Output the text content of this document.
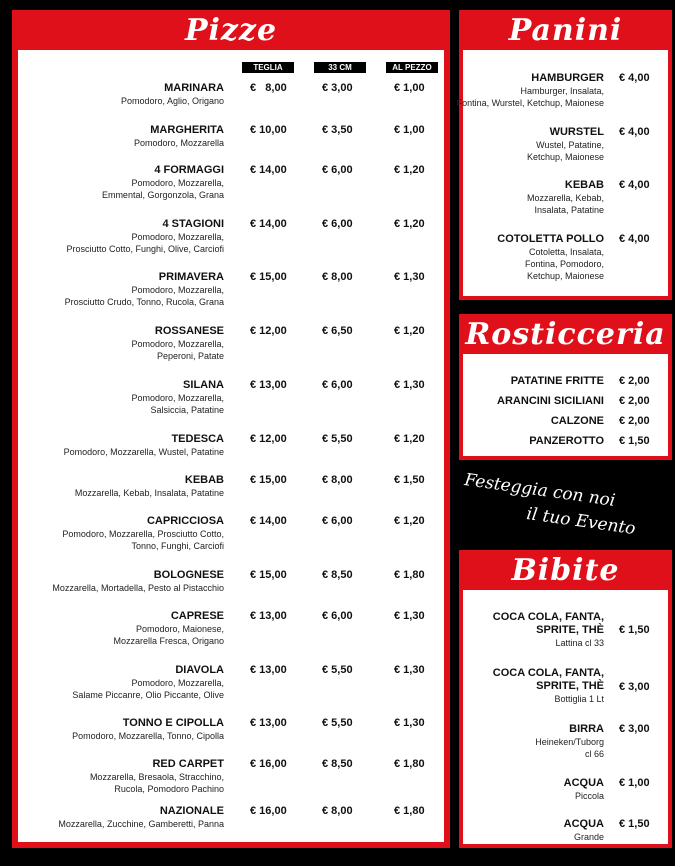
Pizze
TEGLIA	33 CM	AL PEZZO
MARINARA
Pomodoro, Aglio, Origano
€   8,00	€ 3,00	€ 1,00
MARGHERITA
Pomodoro, Mozzarella
€ 10,00	€ 3,50	€ 1,00
4 FORMAGGI
Pomodoro, Mozzarella,
Emmental, Gorgonzola, Grana
€ 14,00	€ 6,00	€ 1,20
4 STAGIONI
Pomodoro, Mozzarella,
Prosciutto Cotto, Funghi, Olive, Carciofi
€ 14,00	€ 6,00	€ 1,20
PRIMAVERA
Pomodoro, Mozzarella,
Prosciutto Crudo, Tonno, Rucola, Grana
€ 15,00	€ 8,00	€ 1,30
ROSSANESE
Pomodoro, Mozzarella,
Peperoni, Patate
€ 12,00	€ 6,50	€ 1,20
SILANA
Pomodoro, Mozzarella,
Salsiccia, Patatine
€ 13,00	€ 6,00	€ 1,30
TEDESCA
Pomodoro, Mozzarella, Wustel, Patatine
€ 12,00	€ 5,50	€ 1,20
KEBAB
Mozzarella, Kebab, Insalata, Patatine
€ 15,00	€ 8,00	€ 1,50
CAPRICCIOSA
Pomodoro, Mozzarella, Prosciutto Cotto,
Tonno, Funghi, Carciofi
€ 14,00	€ 6,00	€ 1,20
BOLOGNESE
Mozzarella, Mortadella, Pesto al Pistacchio
€ 15,00	€ 8,50	€ 1,80
CAPRESE
Pomodoro, Maionese,
Mozzarella Fresca, Origano
€ 13,00	€ 6,00	€ 1,30
DIAVOLA
Pomodoro, Mozzarella,
Salame Piccanre, Olio Piccante, Olive
€ 13,00	€ 5,50	€ 1,30
TONNO E CIPOLLA
Pomodoro, Mozzarella, Tonno, Cipolla
€ 13,00	€ 5,50	€ 1,30
RED CARPET
Mozzarella, Bresaola, Stracchino,
Rucola, Pomodoro Pachino
€ 16,00	€ 8,50	€ 1,80
NAZIONALE
Mozzarella, Zucchine, Gamberetti, Panna
€ 16,00	€ 8,00	€ 1,80
Panini
HAMBURGER
Hamburger, Insalata,
Fontina, Wurstel, Ketchup, Maionese
€ 4,00
WURSTEL
Wustel, Patatine,
Ketchup, Maionese
€ 4,00
KEBAB
Mozzarella, Kebab,
Insalata, Patatine
€ 4,00
COTOLETTA POLLO
Cotoletta, Insalata,
Fontina, Pomodoro,
Ketchup, Maionese
€ 4,00
Rosticceria
PATATINE FRITTE € 2,00
ARANCINI SICILIANI € 2,00
CALZONE € 2,00
PANZEROTTO € 1,50
Festeggia con noi
il tuo Evento
Bibite
COCA COLA, FANTA,
SPRITE, THÈ
Lattina cl 33
€ 1,50
COCA COLA, FANTA,
SPRITE, THÈ
Bottiglia 1 Lt
€ 3,00
BIRRA
Heineken/Tuborg
cl 66
€ 3,00
ACQUA
Piccola
€ 1,00
ACQUA
Grande
€ 1,50
